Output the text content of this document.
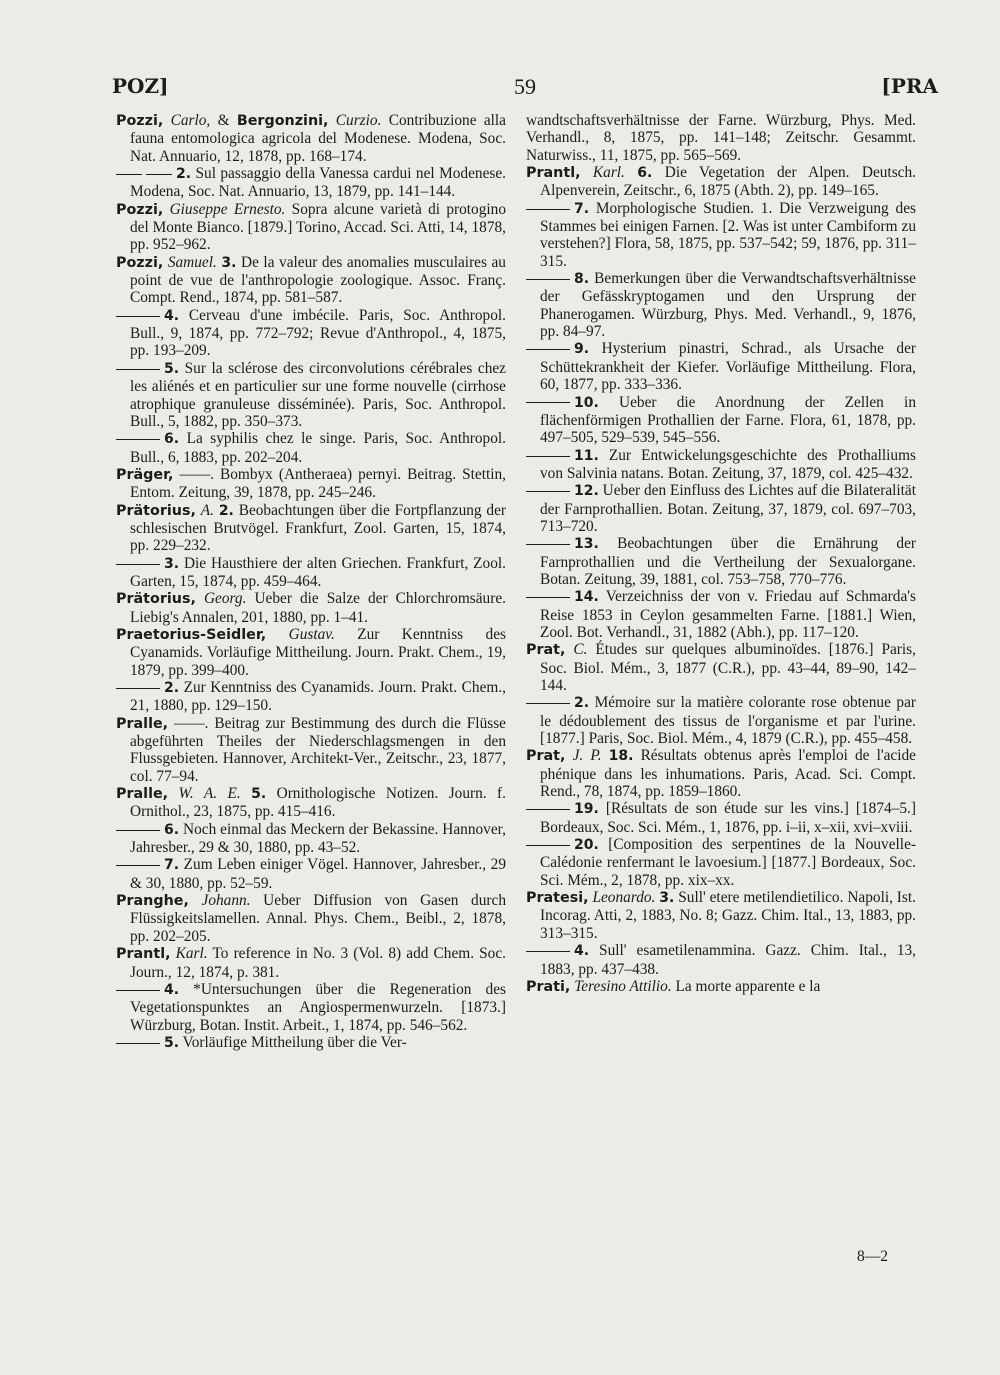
POZ]	59	[PRA

Pozzi, Carlo, & Bergonzini, Curzio. Contribuzione alla fauna entomologica agricola del Modenese. Modena, Soc. Nat. Annuario, 12, 1878, pp. 168–174.

2. Sul passaggio della Vanessa cardui nel Modenese. Modena, Soc. Nat. Annuario, 13, 1879, pp. 141–144.

Pozzi, Giuseppe Ernesto. Sopra alcune varietà di protogino del Monte Bianco. [1879.] Torino, Accad. Sci. Atti, 14, 1878, pp. 952–962.

Pozzi, Samuel. 3. De la valeur des anomalies musculaires au point de vue de l'anthropologie zoologique. Assoc. Franç. Compt. Rend., 1874, pp. 581–587.

4. Cerveau d'une imbécile. Paris, Soc. Anthropol. Bull., 9, 1874, pp. 772–792; Revue d'Anthropol., 4, 1875, pp. 193–209.

5. Sur la sclérose des circonvolutions cérébrales chez les aliénés et en particulier sur une forme nouvelle (cirrhose atrophique granuleuse disséminée). Paris, Soc. Anthropol. Bull., 5, 1882, pp. 350–373.

6. La syphilis chez le singe. Paris, Soc. Anthropol. Bull., 6, 1883, pp. 202–204.

Präger, ——. Bombyx (Antheraea) pernyi. Beitrag. Stettin, Entom. Zeitung, 39, 1878, pp. 245–246.

Prätorius, A. 2. Beobachtungen über die Fortpflanzung der schlesischen Brutvögel. Frankfurt, Zool. Garten, 15, 1874, pp. 229–232.

3. Die Hausthiere der alten Griechen. Frankfurt, Zool. Garten, 15, 1874, pp. 459–464.

Prätorius, Georg. Ueber die Salze der Chlorchromsäure. Liebig's Annalen, 201, 1880, pp. 1–41.

Praetorius-Seidler, Gustav. Zur Kenntniss des Cyanamids. Vorläufige Mittheilung. Journ. Prakt. Chem., 19, 1879, pp. 399–400.

2. Zur Kenntniss des Cyanamids. Journ. Prakt. Chem., 21, 1880, pp. 129–150.

Pralle, ——. Beitrag zur Bestimmung des durch die Flüsse abgeführten Theiles der Niederschlagsmengen in den Flussgebieten. Hannover, Architekt-Ver., Zeitschr., 23, 1877, col. 77–94.

Pralle, W. A. E. 5. Ornithologische Notizen. Journ. f. Ornithol., 23, 1875, pp. 415–416.

6. Noch einmal das Meckern der Bekassine. Hannover, Jahresber., 29 & 30, 1880, pp. 43–52.

7. Zum Leben einiger Vögel. Hannover, Jahresber., 29 & 30, 1880, pp. 52–59.

Pranghe, Johann. Ueber Diffusion von Gasen durch Flüssigkeitslamellen. Annal. Phys. Chem., Beibl., 2, 1878, pp. 202–205.

Prantl, Karl. To reference in No. 3 (Vol. 8) add Chem. Soc. Journ., 12, 1874, p. 381.

4. *Untersuchungen über die Regeneration des Vegetationspunktes an Angiospermenwurzeln. [1873.] Würzburg, Botan. Instit. Arbeit., 1, 1874, pp. 546–562.

5. Vorläufige Mittheilung über die Ver-

wandtschaftsverhältnisse der Farne. Würzburg, Phys. Med. Verhandl., 8, 1875, pp. 141–148; Zeitschr. Gesammt. Naturwiss., 11, 1875, pp. 565–569.

Prantl, Karl. 6. Die Vegetation der Alpen. Deutsch. Alpenverein, Zeitschr., 6, 1875 (Abth. 2), pp. 149–165.

7. Morphologische Studien. 1. Die Verzweigung des Stammes bei einigen Farnen. [2. Was ist unter Cambiform zu verstehen?] Flora, 58, 1875, pp. 537–542; 59, 1876, pp. 311–315.

8. Bemerkungen über die Verwandtschaftsverhältnisse der Gefässkryptogamen und den Ursprung der Phanerogamen. Würzburg, Phys. Med. Verhandl., 9, 1876, pp. 84–97.

9. Hysterium pinastri, Schrad., als Ursache der Schüttekrankheit der Kiefer. Vorläufige Mittheilung. Flora, 60, 1877, pp. 333–336.

10. Ueber die Anordnung der Zellen in flächenförmigen Prothallien der Farne. Flora, 61, 1878, pp. 497–505, 529–539, 545–556.

11. Zur Entwickelungsgeschichte des Prothalliums von Salvinia natans. Botan. Zeitung, 37, 1879, col. 425–432.

12. Ueber den Einfluss des Lichtes auf die Bilateralität der Farnprothallien. Botan. Zeitung, 37, 1879, col. 697–703, 713–720.

13. Beobachtungen über die Ernährung der Farnprothallien und die Vertheilung der Sexualorgane. Botan. Zeitung, 39, 1881, col. 753–758, 770–776.

14. Verzeichniss der von v. Friedau auf Schmarda's Reise 1853 in Ceylon gesammelten Farne. [1881.] Wien, Zool. Bot. Verhandl., 31, 1882 (Abh.), pp. 117–120.

Prat, C. Études sur quelques albuminoïdes. [1876.] Paris, Soc. Biol. Mém., 3, 1877 (C.R.), pp. 43–44, 89–90, 142–144.

2. Mémoire sur la matière colorante rose obtenue par le dédoublement des tissus de l'organisme et par l'urine. [1877.] Paris, Soc. Biol. Mém., 4, 1879 (C.R.), pp. 455–458.

Prat, J. P. 18. Résultats obtenus après l'emploi de l'acide phénique dans les inhumations. Paris, Acad. Sci. Compt. Rend., 78, 1874, pp. 1859–1860.

19. [Résultats de son étude sur les vins.] [1874–5.] Bordeaux, Soc. Sci. Mém., 1, 1876, pp. i–ii, x–xii, xvi–xviii.

20. [Composition des serpentines de la Nouvelle-Calédonie renfermant le lavoesium.] [1877.] Bordeaux, Soc. Sci. Mém., 2, 1878, pp. xix–xx.

Pratesi, Leonardo. 3. Sull' etere metilendietilico. Napoli, Ist. Incorag. Atti, 2, 1883, No. 8; Gazz. Chim. Ital., 13, 1883, pp. 313–315.

4. Sull' esametilenammina. Gazz. Chim. Ital., 13, 1883, pp. 437–438.

Prati, Teresino Attilio. La morte apparente e la

8—2
